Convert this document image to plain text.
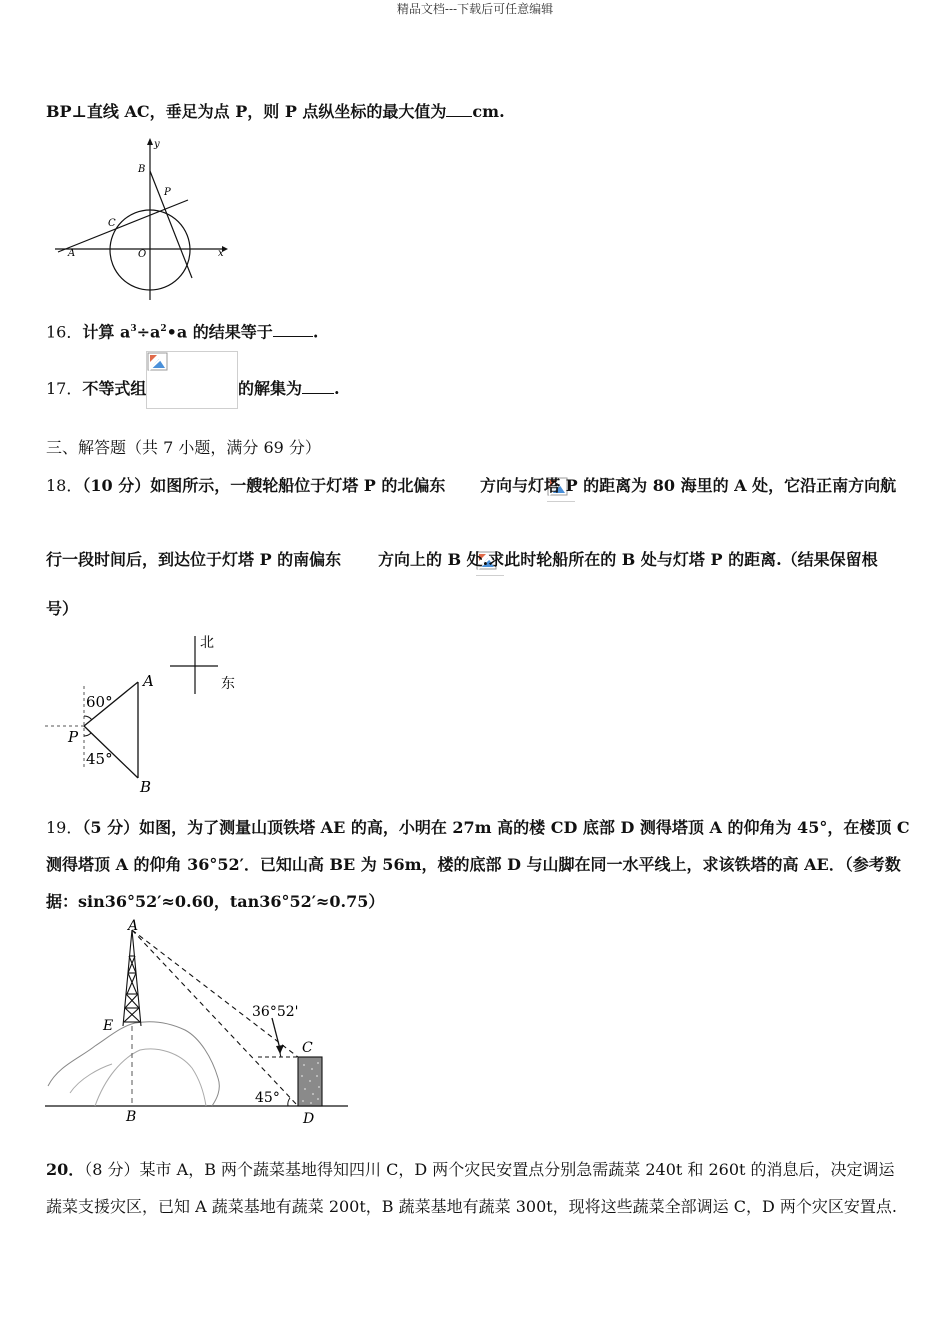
精品文档---下载后可任意编辑
BP⊥直线 AC，垂足为点 P，则 P 点纵坐标的最大值为 cm.
y
x
B
P
C
A	O
16．计算 $a^3\div a^2•a$ 的结果等于	.
17．不等式组
	的解集为 .
三、解答题（共 7 小题，满分 69 分）
18．（10 分）如图所示，一艘轮船位于灯塔 P 的北偏东
方向与灯塔 P 的距离为 80 海里的 A 处，它沿正南方向航
行一段时间后，到达位于灯塔 P 的南偏东 方向上的 B 处.求此时轮船所在的 B 处与灯塔 P 的距离.（结果保留根
号）
60°
45°
A
P
B
北
东
19．（5 分）如图，为了测量山顶铁塔 AE 的高，小明在 27m 高的楼 CD 底部 D 测得塔顶 A 的仰角为 45°，在楼顶 C
测得塔顶 A 的仰角 36°52′．已知山高 BE 为 56m，楼的底部 D 与山脚在同一水平线上，求该铁塔的高 AE．（参考数
据：sin36°52′≈0.60，tan36°52′≈0.75）
A
E
B
C
D
36°52'
45°
20．（8 分）某市 A，B 两个蔬菜基地得知四川 C，D 两个灾民安置点分别急需蔬菜 240t 和 260t 的消息后，决定调运
蔬菜支援灾区，已知 A 蔬菜基地有蔬菜 200t，B 蔬菜基地有蔬菜 300t，现将这些蔬菜全部调运 C，D 两个灾区安置点.
